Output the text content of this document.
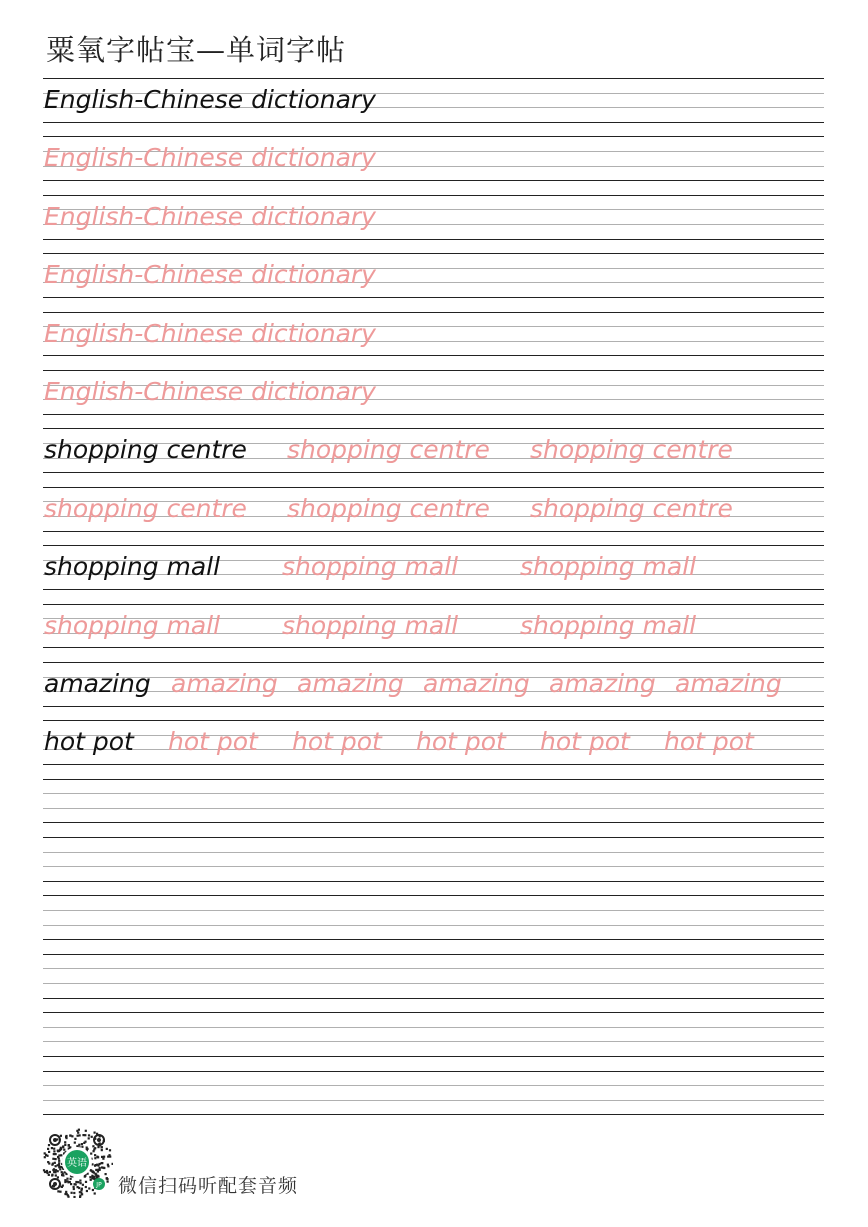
粟氧字帖宝—单词字帖
English-Chinese dictionary
English-Chinese dictionary
English-Chinese dictionary
English-Chinese dictionary
English-Chinese dictionary
English-Chinese dictionary
shopping centre shopping centre shopping centre
shopping centre shopping centre shopping centre
shopping mall shopping mall shopping mall
shopping mall shopping mall shopping mall
amazing amazing amazing amazing amazing amazing
hot pot hot pot hot pot hot pot hot pot hot pot
英语
JP 微信扫码听配套音频
